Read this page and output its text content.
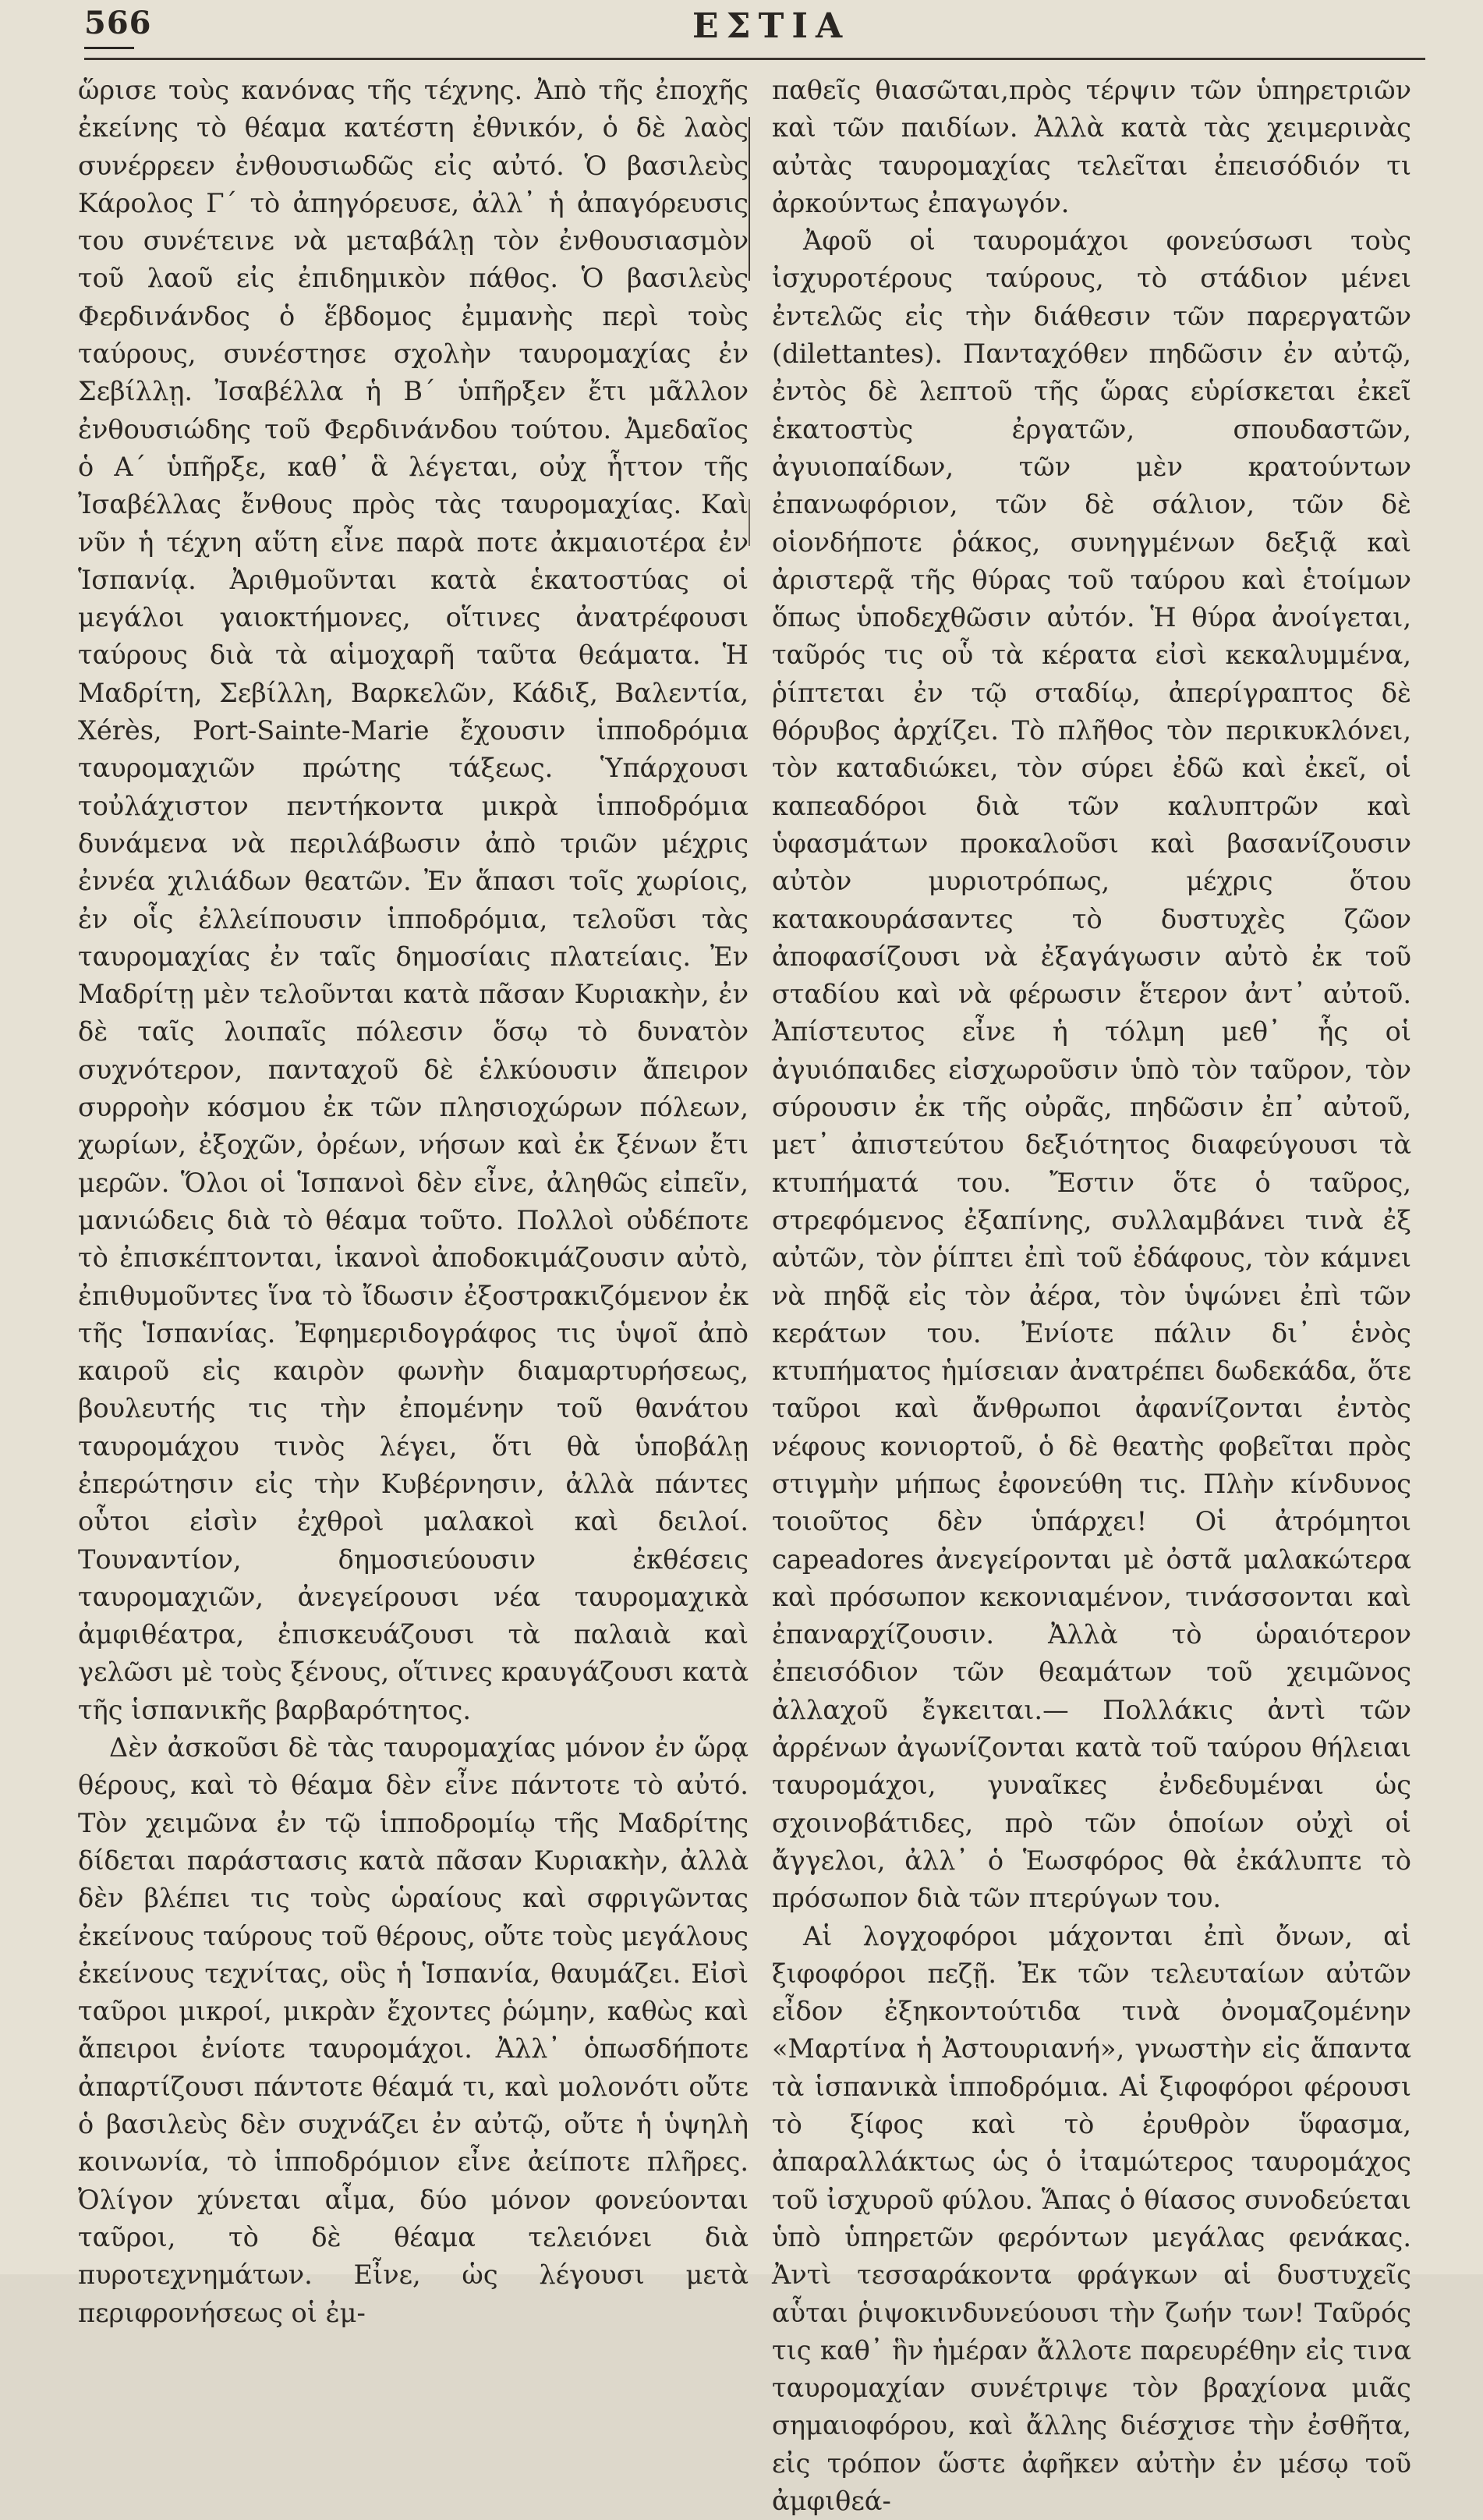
566	ΕΣΤΙΑ

ὥρισε τοὺς κανόνας τῆς τέχνης. Ἀπὸ τῆς ἐποχῆς ἐκείνης τὸ θέαμα κατέστη ἐθνικόν, ὁ δὲ λαὸς συνέρρεεν ἐνθουσιωδῶς εἰς αὐτό. Ὁ βασιλεὺς Κάρολος Γ΄ τὸ ἀπηγόρευσε, ἀλλ᾽ ἡ ἀπαγόρευσις του συνέτεινε νὰ μεταβάλῃ τὸν ἐνθουσιασμὸν τοῦ λαοῦ εἰς ἐπιδημικὸν πάθος. Ὁ βασιλεὺς Φερδινάνδος ὁ ἕβδομος ἐμμανὴς περὶ τοὺς ταύρους, συνέστησε σχολὴν ταυρομαχίας ἐν Σεβίλλῃ. Ἰσαβέλλα ἡ Β΄ ὑπῆρξεν ἔτι μᾶλλον ἐνθουσιώδης τοῦ Φερδινάνδου τούτου. Ἀμεδαῖος ὁ Α΄ ὑπῆρξε, καθ᾽ ἃ λέγεται, οὐχ ἧττον τῆς Ἰσαβέλλας ἔνθους πρὸς τὰς ταυρομαχίας. Καὶ νῦν ἡ τέχνη αὕτη εἶνε παρὰ ποτε ἀκμαιοτέρα ἐν Ἱσπανίᾳ. Ἀριθμοῦνται κατὰ ἑκατοστύας οἱ μεγάλοι γαιοκτήμονες, οἵτινες ἀνατρέφουσι ταύρους διὰ τὰ αἱμοχαρῆ ταῦτα θεάματα. Ἡ Μαδρίτη, Σεβίλλη, Βαρκελῶν, Κάδιξ, Βαλεντία, Xérès, Port-Sainte-Marie ἔχουσιν ἱπποδρόμια ταυρομαχιῶν πρώτης τάξεως. Ὑπάρχουσι τοὐλάχιστον πεντήκοντα μικρὰ ἱπποδρόμια δυνάμενα νὰ περιλάβωσιν ἀπὸ τριῶν μέχρις ἐννέα χιλιάδων θεατῶν. Ἐν ἅπασι τοῖς χωρίοις, ἐν οἷς ἐλλείπουσιν ἱπποδρόμια, τελοῦσι τὰς ταυρομαχίας ἐν ταῖς δημοσίαις πλατείαις. Ἐν Μαδρίτῃ μὲν τελοῦνται κατὰ πᾶσαν Κυριακὴν, ἐν δὲ ταῖς λοιπαῖς πόλεσιν ὅσῳ τὸ δυνατὸν συχνότερον, πανταχοῦ δὲ ἑλκύουσιν ἄπειρον συρροὴν κόσμου ἐκ τῶν πλησιοχώρων πόλεων, χωρίων, ἐξοχῶν, ὀρέων, νήσων καὶ ἐκ ξένων ἔτι μερῶν. Ὅλοι οἱ Ἱσπανοὶ δὲν εἶνε, ἀληθῶς εἰπεῖν, μανιώδεις διὰ τὸ θέαμα τοῦτο. Πολλοὶ οὐδέποτε τὸ ἐπισκέπτονται, ἱκανοὶ ἀποδοκιμάζουσιν αὐτὸ, ἐπιθυμοῦντες ἵνα τὸ ἴδωσιν ἐξοστρακιζόμενον ἐκ τῆς Ἱσπανίας. Ἐφημεριδογράφος τις ὑψοῖ ἀπὸ καιροῦ εἰς καιρὸν φωνὴν διαμαρτυρήσεως, βουλευτής τις τὴν ἐπομένην τοῦ θανάτου ταυρομάχου τινὸς λέγει, ὅτι θὰ ὑποβάλῃ ἐπερώτησιν εἰς τὴν Κυβέρνησιν, ἀλλὰ πάντες οὗτοι εἰσὶν ἐχθροὶ μαλακοὶ καὶ δειλοί. Τουναντίον, δημοσιεύουσιν ἐκθέσεις ταυρομαχιῶν, ἀνεγείρουσι νέα ταυρομαχικὰ ἀμφιθέατρα, ἐπισκευάζουσι τὰ παλαιὰ καὶ γελῶσι μὲ τοὺς ξένους, οἵτινες κραυγάζουσι κατὰ τῆς ἱσπανικῆς βαρβαρότητος.

Δὲν ἀσκοῦσι δὲ τὰς ταυρομαχίας μόνον ἐν ὥρᾳ θέρους, καὶ τὸ θέαμα δὲν εἶνε πάντοτε τὸ αὐτό. Τὸν χειμῶνα ἐν τῷ ἱπποδρομίῳ τῆς Μαδρίτης δίδεται παράστασις κατὰ πᾶσαν Κυριακὴν, ἀλλὰ δὲν βλέπει τις τοὺς ὡραίους καὶ σφριγῶντας ἐκείνους ταύρους τοῦ θέρους, οὔτε τοὺς μεγάλους ἐκείνους τεχνίτας, οὓς ἡ Ἱσπανία, θαυμάζει. Εἰσὶ ταῦροι μικροί, μικρὰν ἔχοντες ῥώμην, καθὼς καὶ ἄπειροι ἐνίοτε ταυρομάχοι. Ἀλλ᾽ ὁπωσδήποτε ἀπαρτίζουσι πάντοτε θέαμά τι, καὶ μολονότι οὔτε ὁ βασιλεὺς δὲν συχνάζει ἐν αὐτῷ, οὔτε ἡ ὑψηλὴ κοινωνία, τὸ ἱπποδρόμιον εἶνε ἀείποτε πλῆρες. Ὀλίγον χύνεται αἷμα, δύο μόνον φονεύονται ταῦροι, τὸ δὲ θέαμα τελειόνει διὰ πυροτεχνημάτων. Εἶνε, ὡς λέγουσι μετὰ περιφρονήσεως οἱ ἐμ-

παθεῖς θιασῶται,πρὸς τέρψιν τῶν ὑπηρετριῶν καὶ τῶν παιδίων. Ἀλλὰ κατὰ τὰς χειμερινὰς αὐτὰς ταυρομαχίας τελεῖται ἐπεισόδιόν τι ἀρκούντως ἐπαγωγόν.

Ἀφοῦ οἱ ταυρομάχοι φονεύσωσι τοὺς ἰσχυροτέρους ταύρους, τὸ στάδιον μένει ἐντελῶς εἰς τὴν διάθεσιν τῶν παρεργατῶν (dilettantes). Πανταχόθεν πηδῶσιν ἐν αὐτῷ, ἐντὸς δὲ λεπτοῦ τῆς ὥρας εὑρίσκεται ἐκεῖ ἑκατοστὺς ἐργατῶν, σπουδαστῶν, ἀγυιοπαίδων, τῶν μὲν κρατούντων ἐπανωφόριον, τῶν δὲ σάλιον, τῶν δὲ οἱονδήποτε ῥάκος, συνηγμένων δεξιᾷ καὶ ἀριστερᾷ τῆς θύρας τοῦ ταύρου καὶ ἑτοίμων ὅπως ὑποδεχθῶσιν αὐτόν. Ἡ θύρα ἀνοίγεται, ταῦρός τις οὗ τὰ κέρατα εἰσὶ κεκαλυμμένα, ῥίπτεται ἐν τῷ σταδίῳ, ἀπερίγραπτος δὲ θόρυβος ἀρχίζει. Τὸ πλῆθος τὸν περικυκλόνει, τὸν καταδιώκει, τὸν σύρει ἐδῶ καὶ ἐκεῖ, οἱ καπεαδόροι διὰ τῶν καλυπτρῶν καὶ ὑφασμάτων προκαλοῦσι καὶ βασανίζουσιν αὐτὸν μυριοτρόπως, μέχρις ὅτου κατακουράσαντες τὸ δυστυχὲς ζῶον ἀποφασίζουσι νὰ ἐξαγάγωσιν αὐτὸ ἐκ τοῦ σταδίου καὶ νὰ φέρωσιν ἕτερον ἀντ᾽ αὐτοῦ. Ἀπίστευτος εἶνε ἡ τόλμη μεθ᾽ ἧς οἱ ἀγυιόπαιδες εἰσχωροῦσιν ὑπὸ τὸν ταῦρον, τὸν σύρουσιν ἐκ τῆς οὐρᾶς, πηδῶσιν ἐπ᾽ αὐτοῦ, μετ᾽ ἀπιστεύτου δεξιότητος διαφεύγουσι τὰ κτυπήματά του. Ἔστιν ὅτε ὁ ταῦρος, στρεφόμενος ἐξαπίνης, συλλαμβάνει τινὰ ἐξ αὐτῶν, τὸν ῥίπτει ἐπὶ τοῦ ἐδάφους, τὸν κάμνει νὰ πηδᾷ εἰς τὸν ἀέρα, τὸν ὑψώνει ἐπὶ τῶν κεράτων του. Ἐνίοτε πάλιν δι᾽ ἑνὸς κτυπήματος ἡμίσειαν ἀνατρέπει δωδεκάδα, ὅτε ταῦροι καὶ ἄνθρωποι ἀφανίζονται ἐντὸς νέφους κονιορτοῦ, ὁ δὲ θεατὴς φοβεῖται πρὸς στιγμὴν μήπως ἐφονεύθη τις. Πλὴν κίνδυνος τοιοῦτος δὲν ὑπάρχει! Οἱ ἀτρόμητοι capeadores ἀνεγείρονται μὲ ὀστᾶ μαλακώτερα καὶ πρόσωπον κεκονιαμένον, τινάσσονται καὶ ἐπαναρχίζουσιν. Ἀλλὰ τὸ ὡραιότερον ἐπεισόδιον τῶν θεαμάτων τοῦ χειμῶνος ἀλλαχοῦ ἔγκειται.— Πολλάκις ἀντὶ τῶν ἀρρένων ἀγωνίζονται κατὰ τοῦ ταύρου θήλειαι ταυρομάχοι, γυναῖκες ἐνδεδυμέναι ὡς σχοινοβάτιδες, πρὸ τῶν ὁποίων οὐχὶ οἱ ἄγγελοι, ἀλλ᾽ ὁ Ἑωσφόρος θὰ ἐκάλυπτε τὸ πρόσωπον διὰ τῶν πτερύγων του.

Αἱ λογχοφόροι μάχονται ἐπὶ ὄνων, αἱ ξιφοφόροι πεζῇ. Ἐκ τῶν τελευταίων αὐτῶν εἶδον ἐξηκοντούτιδα τινὰ ὀνομαζομένην «Μαρτίνα ἡ Ἀστουριανή», γνωστὴν εἰς ἅπαντα τὰ ἱσπανικὰ ἱπποδρόμια. Αἱ ξιφοφόροι φέρουσι τὸ ξίφος καὶ τὸ ἐρυθρὸν ὕφασμα, ἀπαραλλάκτως ὡς ὁ ἰταμώτερος ταυρομάχος τοῦ ἰσχυροῦ φύλου. Ἅπας ὁ θίασος συνοδεύεται ὑπὸ ὑπηρετῶν φερόντων μεγάλας φενάκας. Ἀντὶ τεσσαράκοντα φράγκων αἱ δυστυχεῖς αὗται ῥιψοκινδυνεύουσι τὴν ζωήν των! Ταῦρός τις καθ᾽ ἣν ἡμέραν ἄλλοτε παρευρέθην εἰς τινα ταυρομαχίαν συνέτριψε τὸν βραχίονα μιᾶς σημαιοφόρου, καὶ ἄλλης διέσχισε τὴν ἐσθῆτα, εἰς τρόπον ὥστε ἀφῆκεν αὐτὴν ἐν μέσῳ τοῦ ἀμφιθεά-
